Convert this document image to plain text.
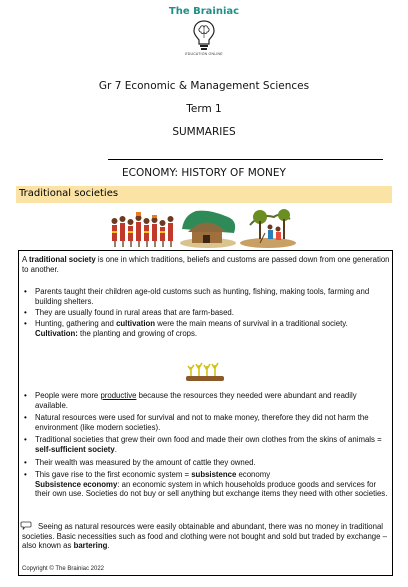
The Brainiac
EDUCATION ONLINE
Gr 7 Economic & Management Sciences
Term 1
SUMMARIES
ECONOMY: HISTORY OF MONEY
Traditional societies
A traditional society is one in which traditions, beliefs and customs are passed down from one generation to another.
• Parents taught their children age-old customs such as hunting, fishing, making tools, farming and building shelters.
• They are usually found in rural areas that are farm-based.
• Hunting, gathering and cultivation were the main means of survival in a traditional society.
Cultivation: the planting and growing of crops.
• People were more productive because the resources they needed were abundant and readily available.
• Natural resources were used for survival and not to make money, therefore they did not harm the environment (like modern societies).
• Traditional societies that grew their own food and made their own clothes from the skins of animals = self-sufficient society.
• Their wealth was measured by the amount of cattle they owned.
• This gave rise to the first economic system = subsistence economy
Subsistence economy: an economic system in which households produce goods and services for their own use. Societies do not buy or sell anything but exchange items they need with other societies.
Seeing as natural resources were easily obtainable and abundant, there was no money in traditional societies. Basic necessities such as food and clothing were not bought and sold but traded by exchange – also known as bartering.
Copyright © The Brainiac 2022
